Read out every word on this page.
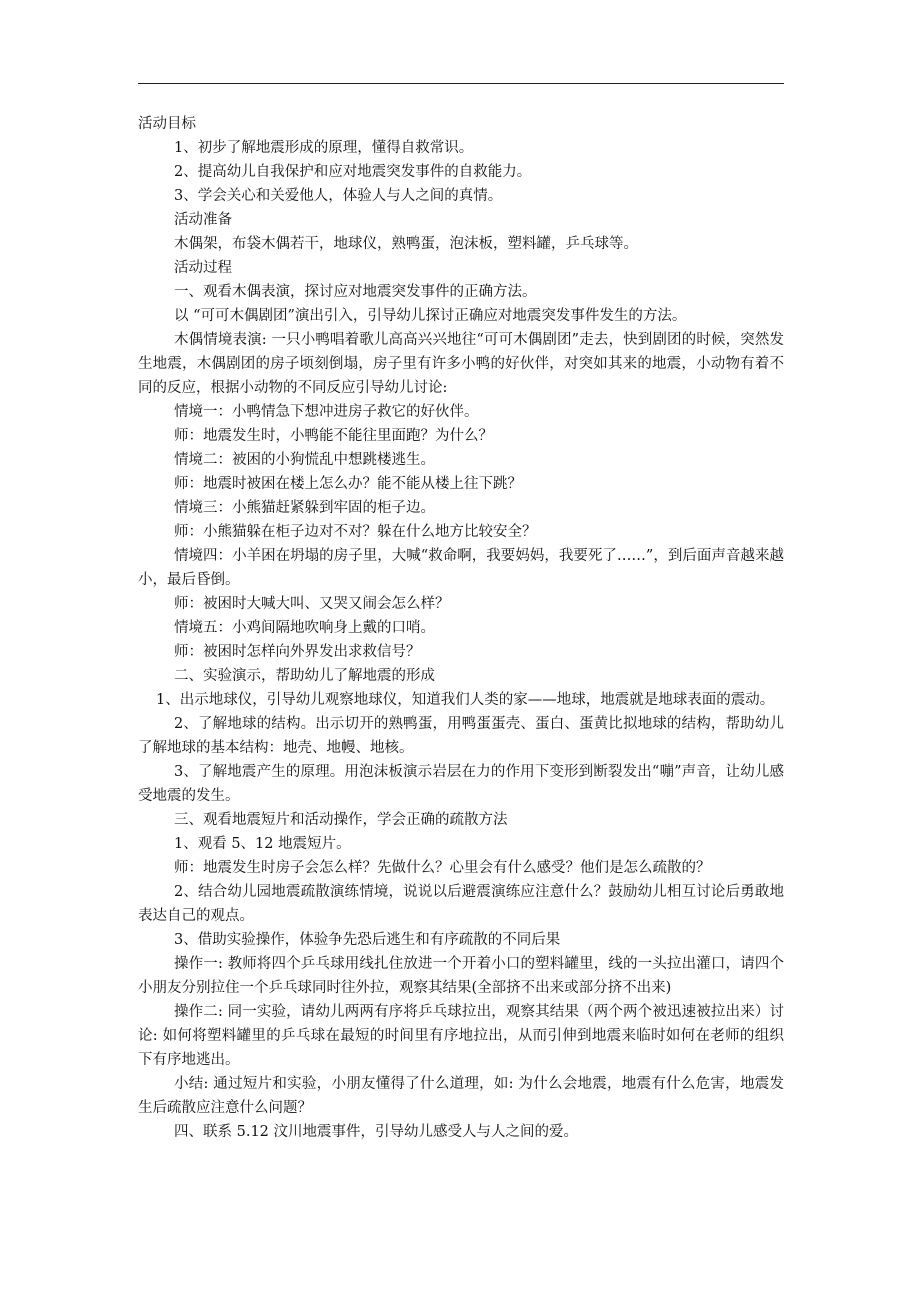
活动目标

1、初步了解地震形成的原理，懂得自救常识。

2、提高幼儿自我保护和应对地震突发事件的自救能力。

3、学会关心和关爱他人，体验人与人之间的真情。

活动准备

木偶架，布袋木偶若干，地球仪，熟鸭蛋，泡沫板，塑料罐，乒乓球等。

活动过程

一、观看木偶表演，探讨应对地震突发事件的正确方法。

以 “可可木偶剧团”演出引入，引导幼儿探讨正确应对地震突发事件发生的方法。

木偶情境表演: 一只小鸭唱着歌儿高高兴兴地往“可可木偶剧团”走去，快到剧团的时候，突然发生地震，木偶剧团的房子顷刻倒塌，房子里有许多小鸭的好伙伴，对突如其来的地震，小动物有着不同的反应，根据小动物的不同反应引导幼儿讨论:

情境一：小鸭情急下想冲进房子救它的好伙伴。

师：地震发生时，小鸭能不能往里面跑？为什么？

情境二：被困的小狗慌乱中想跳楼逃生。

师：地震时被困在楼上怎么办？能不能从楼上往下跳？

情境三：小熊猫赶紧躲到牢固的柜子边。

师：小熊猫躲在柜子边对不对？躲在什么地方比较安全？

情境四：小羊困在坍塌的房子里，大喊“救命啊，我要妈妈，我要死了……”，到后面声音越来越小，最后昏倒。

师：被困时大喊大叫、又哭又闹会怎么样？

情境五：小鸡间隔地吹响身上戴的口哨。

师：被困时怎样向外界发出求救信号？

二、实验演示，帮助幼儿了解地震的形成

1、出示地球仪，引导幼儿观察地球仪，知道我们人类的家——地球，地震就是地球表面的震动。

2、了解地球的结构。出示切开的熟鸭蛋，用鸭蛋蛋壳、蛋白、蛋黄比拟地球的结构，帮助幼儿了解地球的基本结构：地壳、地幔、地核。

3、了解地震产生的原理。用泡沫板演示岩层在力的作用下变形到断裂发出“嘣”声音，让幼儿感受地震的发生。

三、观看地震短片和活动操作，学会正确的疏散方法

1、观看 5、12 地震短片。

师：地震发生时房子会怎么样？先做什么？心里会有什么感受？他们是怎么疏散的？

2、结合幼儿园地震疏散演练情境，说说以后避震演练应注意什么？鼓励幼儿相互讨论后勇敢地表达自己的观点。

3、借助实验操作，体验争先恐后逃生和有序疏散的不同后果

操作一: 教师将四个乒乓球用线扎住放进一个开着小口的塑料罐里，线的一头拉出灌口，请四个小朋友分别拉住一个乒乓球同时往外拉，观察其结果(全部挤不出来或部分挤不出来)

操作二: 同一实验，请幼儿两两有序将乒乓球拉出，观察其结果（两个两个被迅速被拉出来）讨论: 如何将塑料罐里的乒乓球在最短的时间里有序地拉出，从而引伸到地震来临时如何在老师的组织下有序地逃出。

小结: 通过短片和实验，小朋友懂得了什么道理，如: 为什么会地震，地震有什么危害，地震发生后疏散应注意什么问题？

四、联系 5.12 汶川地震事件，引导幼儿感受人与人之间的爱。
